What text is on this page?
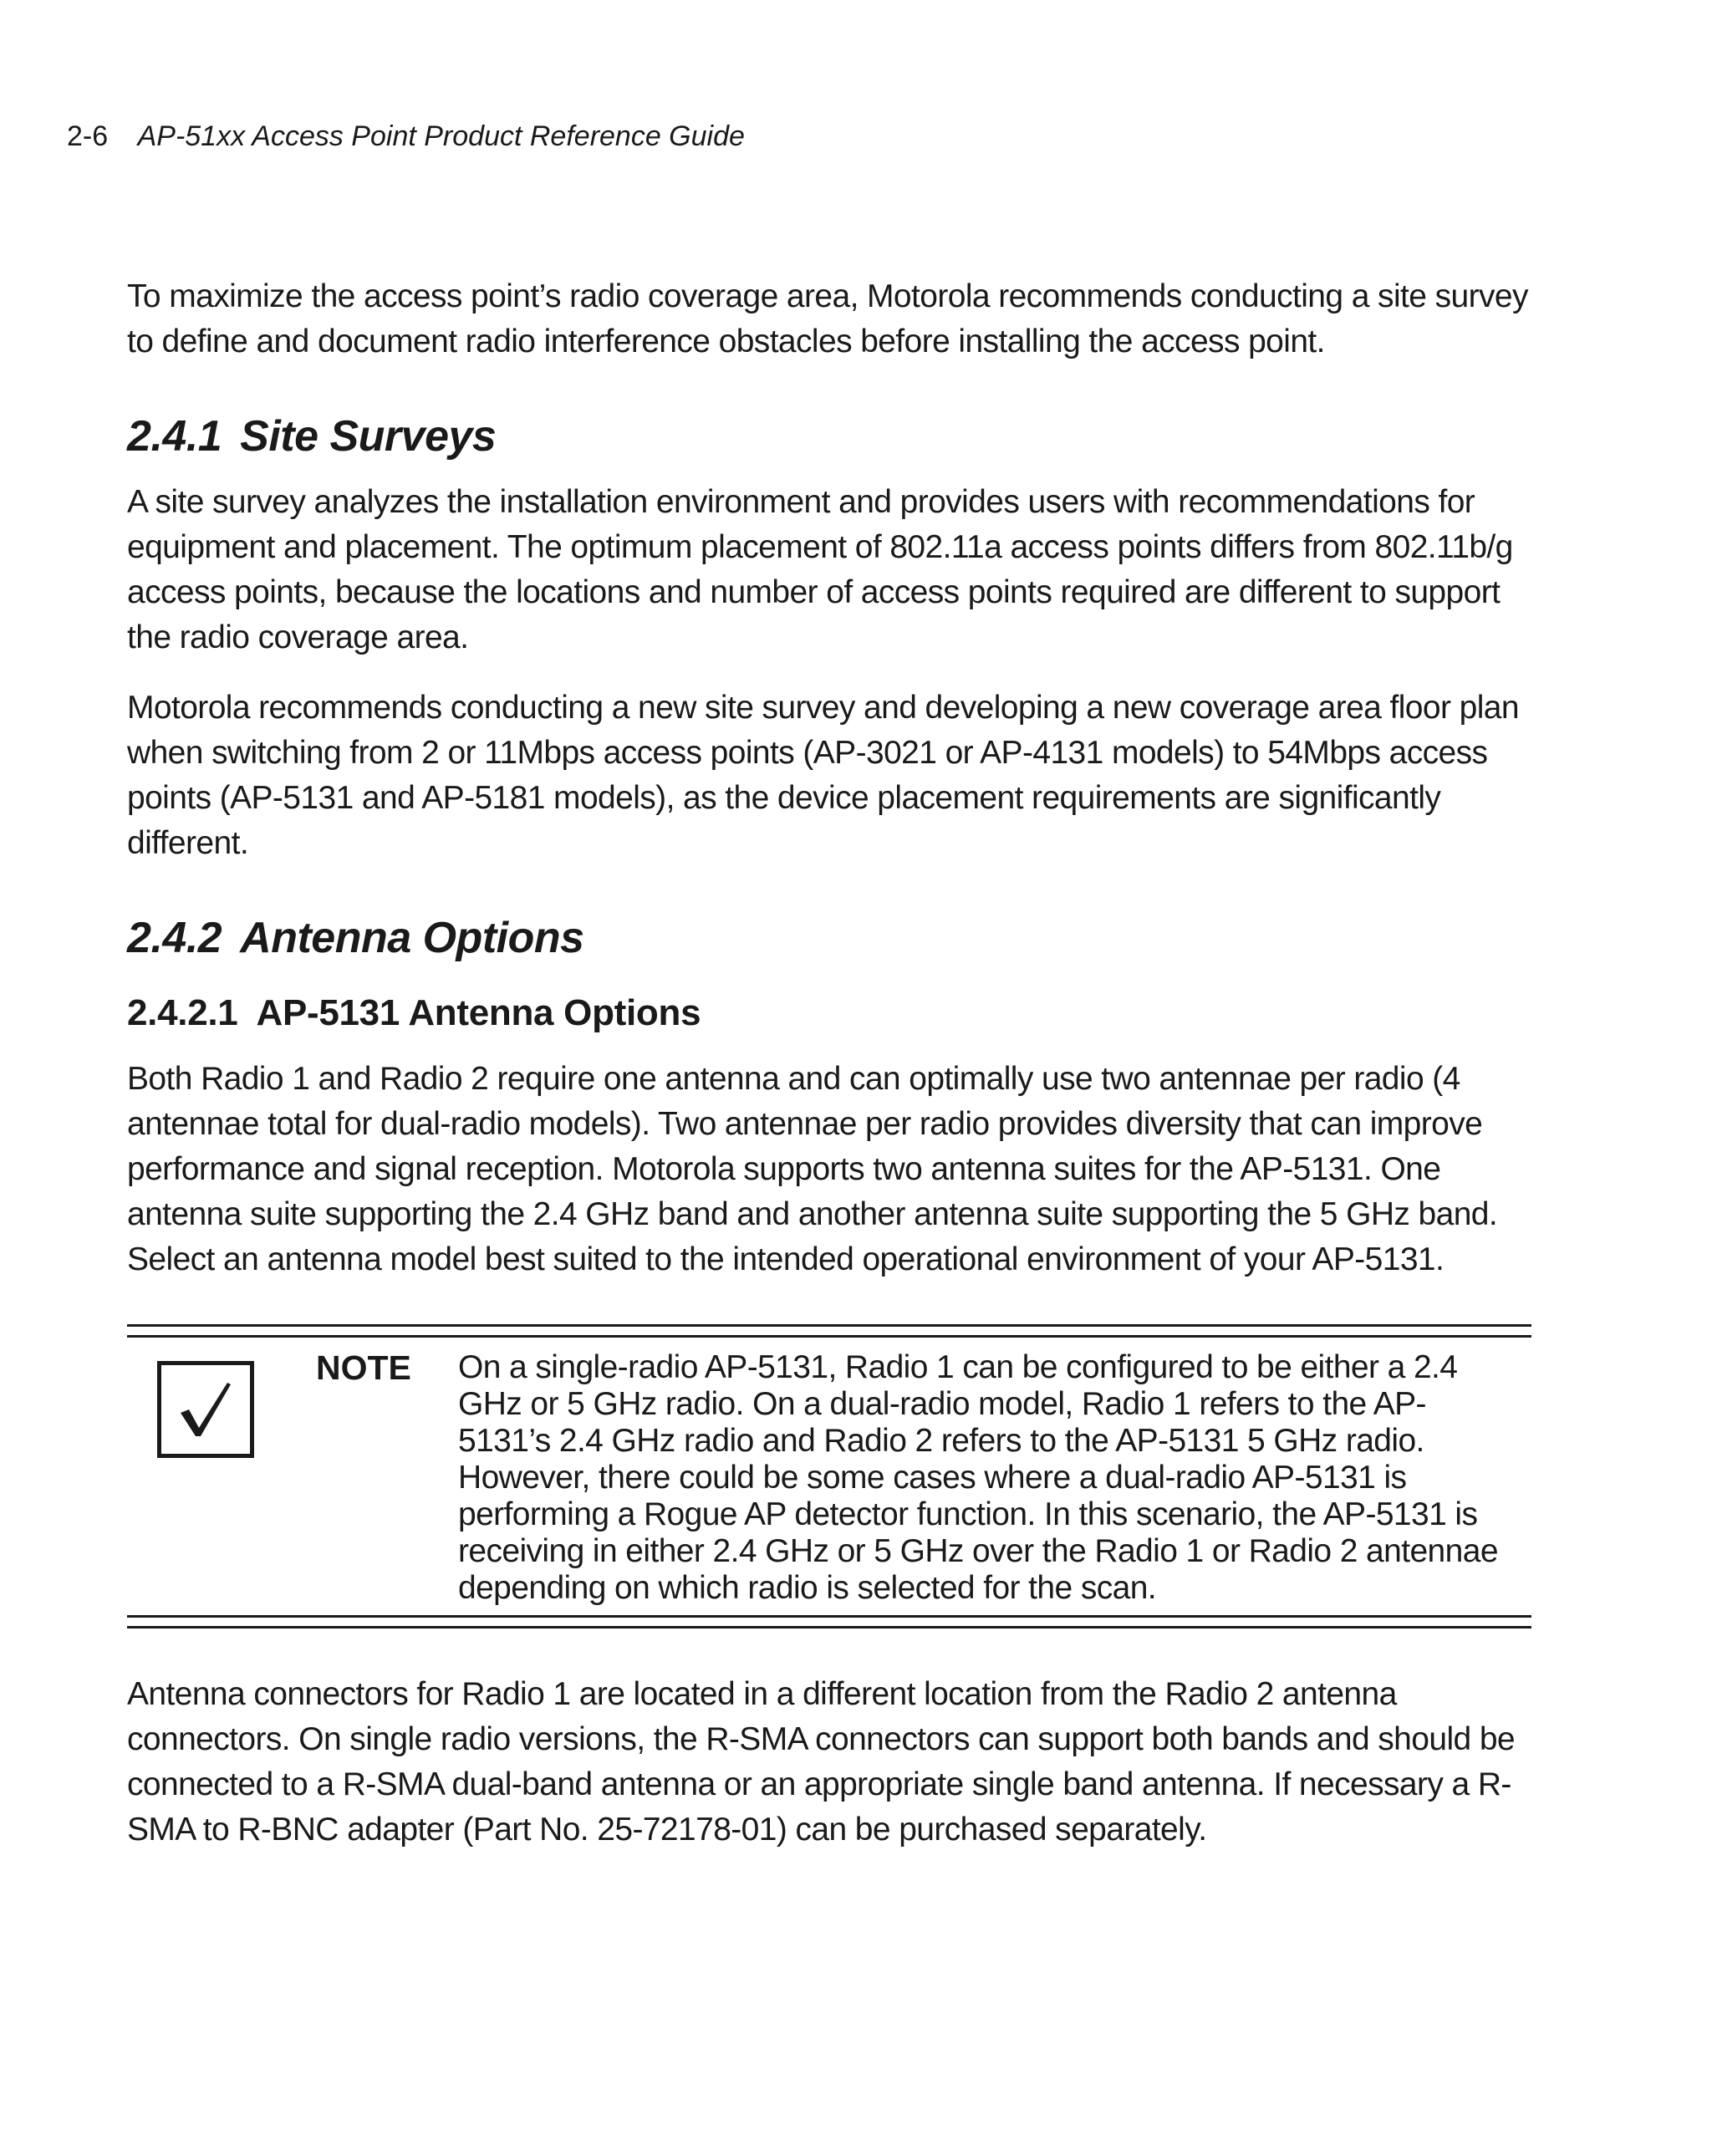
2-6 AP-51xx Access Point Product Reference Guide

To maximize the access point’s radio coverage area, Motorola recommends conducting a site survey to define and document radio interference obstacles before installing the access point.

2.4.1 Site Surveys

A site survey analyzes the installation environment and provides users with recommendations for equipment and placement. The optimum placement of 802.11a access points differs from 802.11b/g access points, because the locations and number of access points required are different to support the radio coverage area.

Motorola recommends conducting a new site survey and developing a new coverage area floor plan when switching from 2 or 11Mbps access points (AP-3021 or AP-4131 models) to 54Mbps access points (AP-5131 and AP-5181 models), as the device placement requirements are significantly different.

2.4.2 Antenna Options
2.4.2.1 AP-5131 Antenna Options

Both Radio 1 and Radio 2 require one antenna and can optimally use two antennae per radio (4 antennae total for dual-radio models). Two antennae per radio provides diversity that can improve performance and signal reception. Motorola supports two antenna suites for the AP-5131. One antenna suite supporting the 2.4 GHz band and another antenna suite supporting the 5 GHz band. Select an antenna model best suited to the intended operational environment of your AP-5131.

NOTE	On a single-radio AP-5131, Radio 1 can be configured to be either a 2.4 GHz or 5 GHz radio. On a dual-radio model, Radio 1 refers to the AP-5131’s 2.4 GHz radio and Radio 2 refers to the AP-5131 5 GHz radio. However, there could be some cases where a dual-radio AP-5131 is performing a Rogue AP detector function. In this scenario, the AP-5131 is receiving in either 2.4 GHz or 5 GHz over the Radio 1 or Radio 2 antennae depending on which radio is selected for the scan.

Antenna connectors for Radio 1 are located in a different location from the Radio 2 antenna connectors. On single radio versions, the R-SMA connectors can support both bands and should be connected to a R-SMA dual-band antenna or an appropriate single band antenna. If necessary a R-SMA to R-BNC adapter (Part No. 25-72178-01) can be purchased separately.
